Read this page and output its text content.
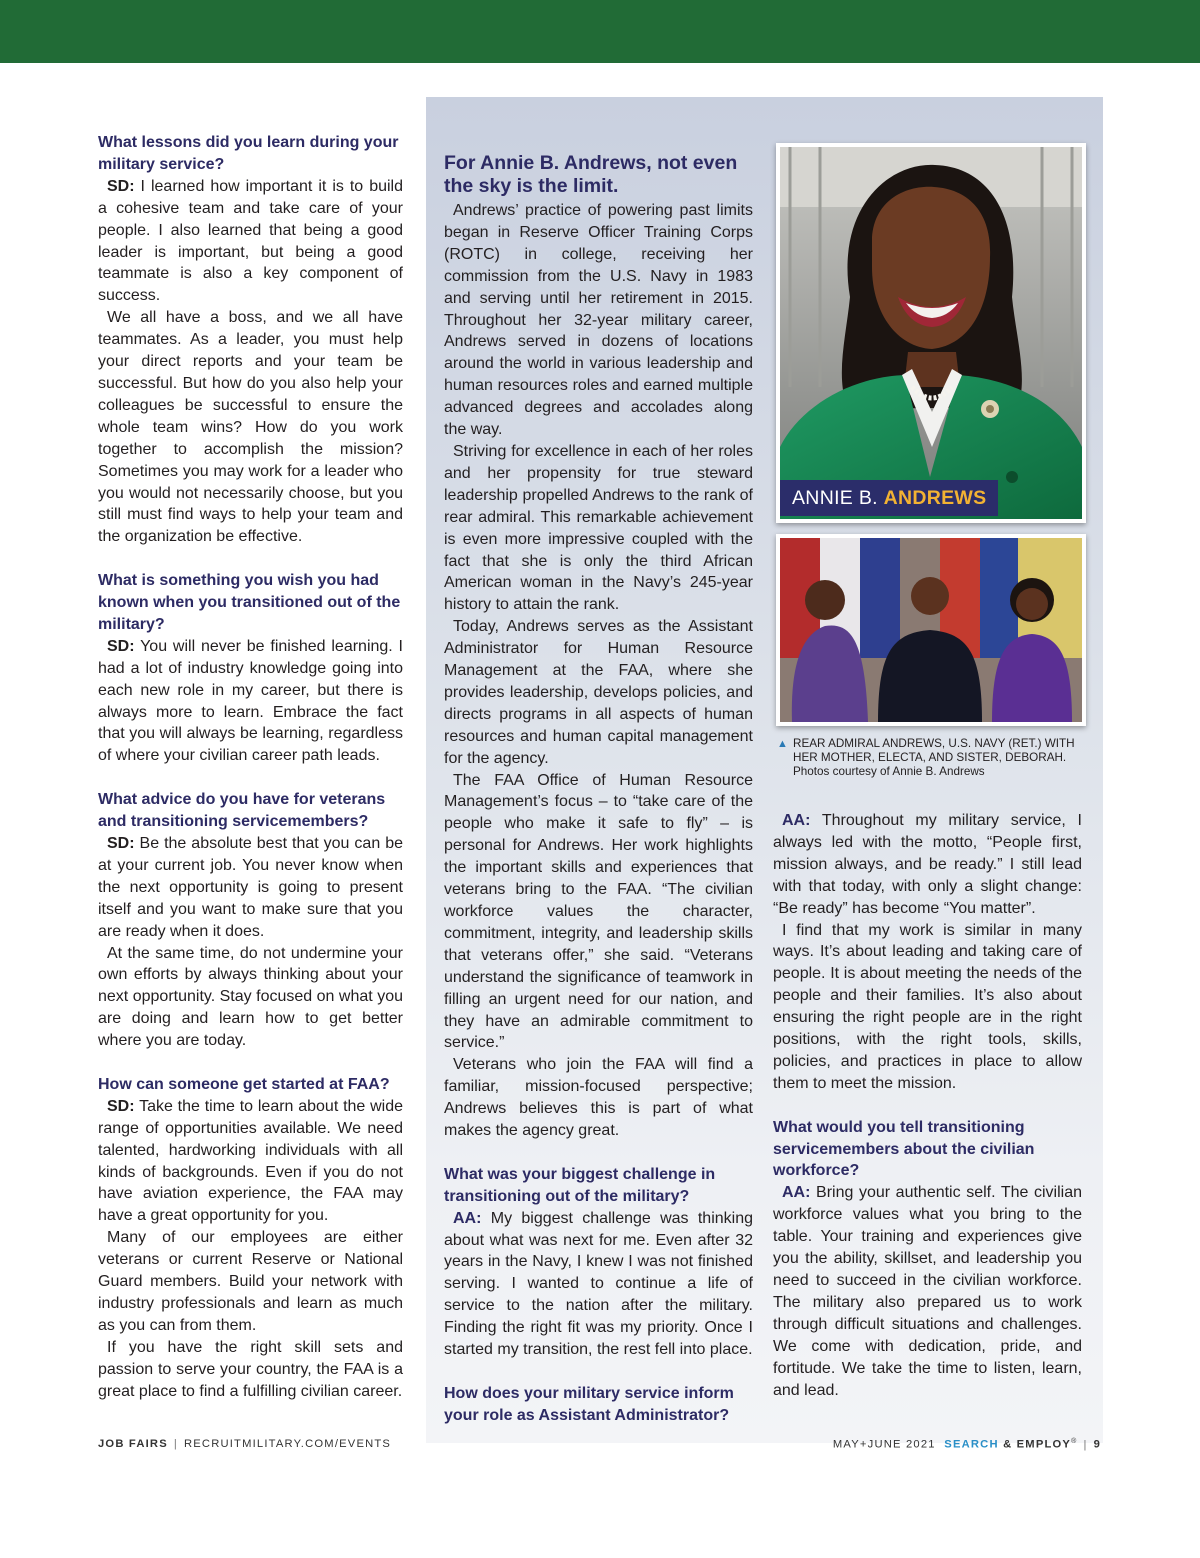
What lessons did you learn during your military service?

SD: I learned how important it is to build a cohesive team and take care of your people. I also learned that being a good leader is important, but being a good teammate is also a key component of success.

We all have a boss, and we all have teammates. As a leader, you must help your direct reports and your team be successful. But how do you also help your colleagues be successful to ensure the whole team wins? How do you work together to accomplish the mission? Sometimes you may work for a leader who you would not necessarily choose, but you still must find ways to help your team and the organization be effective.

What is something you wish you had known when you transitioned out of the military?

SD: You will never be finished learning. I had a lot of industry knowledge going into each new role in my career, but there is always more to learn. Embrace the fact that you will always be learning, regardless of where your civilian career path leads.

What advice do you have for veterans and transitioning servicemembers?

SD: Be the absolute best that you can be at your current job. You never know when the next opportunity is going to present itself and you want to make sure that you are ready when it does.

At the same time, do not undermine your own efforts by always thinking about your next opportunity. Stay focused on what you are doing and learn how to get better where you are today.

How can someone get started at FAA?

SD: Take the time to learn about the wide range of opportunities available. We need talented, hardworking individuals with all kinds of backgrounds. Even if you do not have aviation experience, the FAA may have a great opportunity for you.

Many of our employees are either veterans or current Reserve or National Guard members. Build your network with industry professionals and learn as much as you can from them.

If you have the right skill sets and passion to serve your country, the FAA is a great place to find a fulfilling civilian career.

For Annie B. Andrews, not even the sky is the limit.

Andrews’ practice of powering past limits began in Reserve Officer Training Corps (ROTC) in college, receiving her commission from the U.S. Navy in 1983 and serving until her retirement in 2015. Throughout her 32-year military career, Andrews served in dozens of locations around the world in various leadership and human resources roles and earned multiple advanced degrees and accolades along the way.

Striving for excellence in each of her roles and her propensity for true steward leadership propelled Andrews to the rank of rear admiral. This remarkable achievement is even more impressive coupled with the fact that she is only the third African American woman in the Navy’s 245-year history to attain the rank.

Today, Andrews serves as the Assistant Administrator for Human Resource Management at the FAA, where she provides leadership, develops policies, and directs programs in all aspects of human resources and human capital management for the agency.

The FAA Office of Human Resource Management’s focus – to “take care of the people who make it safe to fly” – is personal for Andrews. Her work highlights the important skills and experiences that veterans bring to the FAA. “The civilian workforce values the character, commitment, integrity, and leadership skills that veterans offer,” she said. “Veterans understand the significance of teamwork in filling an urgent need for our nation, and they have an admirable commitment to service.”

Veterans who join the FAA will find a familiar, mission-focused perspective; Andrews believes this is part of what makes the agency great.

What was your biggest challenge in transitioning out of the military?

AA: My biggest challenge was thinking about what was next for me. Even after 32 years in the Navy, I knew I was not finished serving. I wanted to continue a life of service to the nation after the military. Finding the right fit was my priority. Once I started my transition, the rest fell into place.

How does your military service inform your role as Assistant Administrator?

ANNIE B. ANDREWS
▲ REAR ADMIRAL ANDREWS, U.S. NAVY (RET.) WITH HER MOTHER, ELECTA, AND SISTER, DEBORAH.
Photos courtesy of Annie B. Andrews

AA: Throughout my military service, I always led with the motto, “People first, mission always, and be ready.” I still lead with that today, with only a slight change: “Be ready” has become “You matter”.

I find that my work is similar in many ways. It’s about leading and taking care of people. It is about meeting the needs of the people and their families. It’s also about ensuring the right people are in the right positions, with the right tools, skills, policies, and practices in place to allow them to meet the mission.

What would you tell transitioning servicemembers about the civilian workforce?

AA: Bring your authentic self. The civilian workforce values what you bring to the table. Your training and experiences give you the ability, skillset, and leadership you need to succeed in the civilian workforce. The military also prepared us to work through difficult situations and challenges. We come with dedication, pride, and fortitude. We take the time to listen, learn, and lead.

JOB FAIRS | RECRUITMILITARY.COM/EVENTS	MAY+JUNE 2021 SEARCH & EMPLOY® | 9
